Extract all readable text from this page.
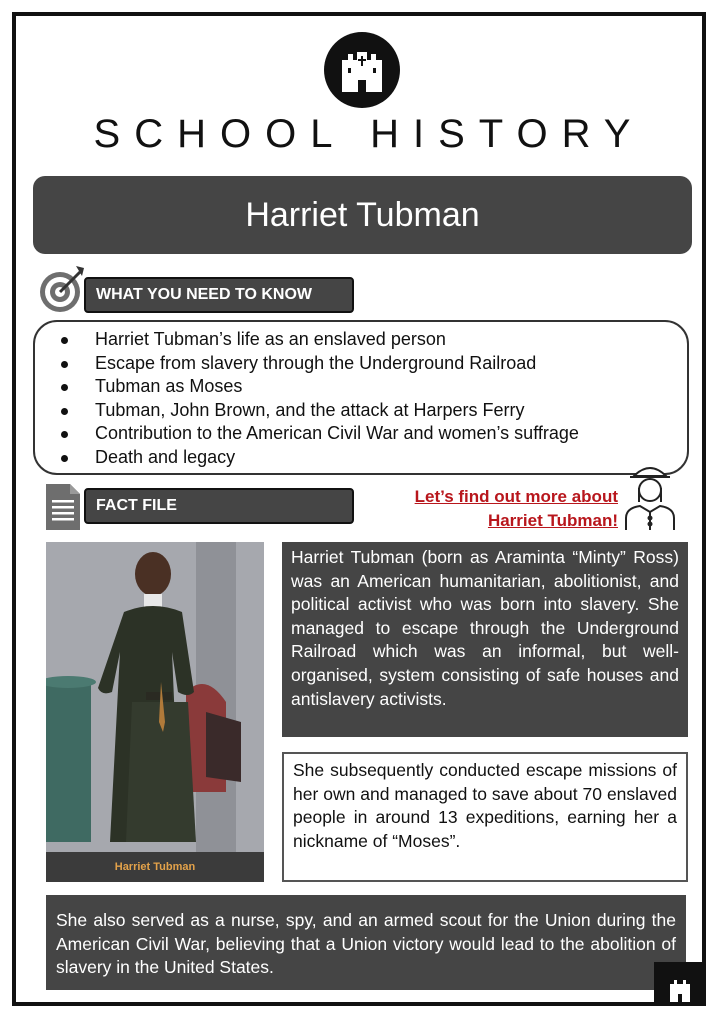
SCHOOL HISTORY
Harriet Tubman
WHAT YOU NEED TO KNOW
Harriet Tubman’s life as an enslaved person
Escape from slavery through the Underground Railroad
Tubman as Moses
Tubman, John Brown, and the attack at Harpers Ferry
Contribution to the American Civil War and women’s suffrage
Death and legacy
FACT FILE	Let’s find out more about
Harriet Tubman!
Harriet Tubman
Harriet Tubman (born as Araminta “Minty” Ross) was an American humanitarian, abolitionist, and political activist who was born into slavery. She managed to escape through the Underground Railroad which was an informal, but well-organised, system consisting of safe houses and antislavery activists.
She subsequently conducted escape missions of her own and managed to save about 70 enslaved people in around 13 expeditions, earning her a nickname of “Moses”.
She also served as a nurse, spy, and an armed scout for the Union during the American Civil War, believing that a Union victory would lead to the abolition of slavery in the United States.
